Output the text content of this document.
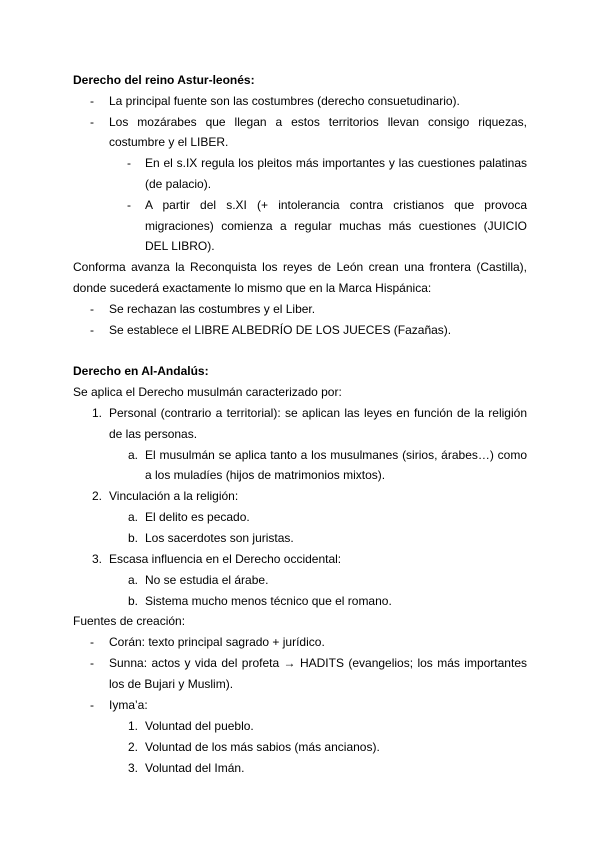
Derecho del reino Astur-leonés:
- La principal fuente son las costumbres (derecho consuetudinario).
- Los mozárabes que llegan a estos territorios llevan consigo riquezas,
costumbre y el LIBER.
- En el s.IX regula los pleitos más importantes y las cuestiones palatinas
(de palacio).
- A partir del s.XI (+ intolerancia contra cristianos que provoca
migraciones) comienza a regular muchas más cuestiones (JUICIO
DEL LIBRO).
Conforma avanza la Reconquista los reyes de León crean una frontera (Castilla),
donde sucederá exactamente lo mismo que en la Marca Hispánica:
- Se rechazan las costumbres y el Liber.
- Se establece el LIBRE ALBEDRÍO DE LOS JUECES (Fazañas).
Derecho en Al-Andalús:
Se aplica el Derecho musulmán caracterizado por:
1. Personal (contrario a territorial): se aplican las leyes en función de la religión
de las personas.
a. El musulmán se aplica tanto a los musulmanes (sirios, árabes…) como
a los muladíes (hijos de matrimonios mixtos).
2. Vinculación a la religión:
a. El delito es pecado.
b. Los sacerdotes son juristas.
3. Escasa influencia en el Derecho occidental:
a. No se estudia el árabe.
b. Sistema mucho menos técnico que el romano.
Fuentes de creación:
- Corán: texto principal sagrado + jurídico.
- Sunna: actos y vida del profeta → HADITS (evangelios; los más importantes
los de Bujari y Muslim).
- Iyma’a:
1. Voluntad del pueblo.
2. Voluntad de los más sabios (más ancianos).
3. Voluntad del Imán.
